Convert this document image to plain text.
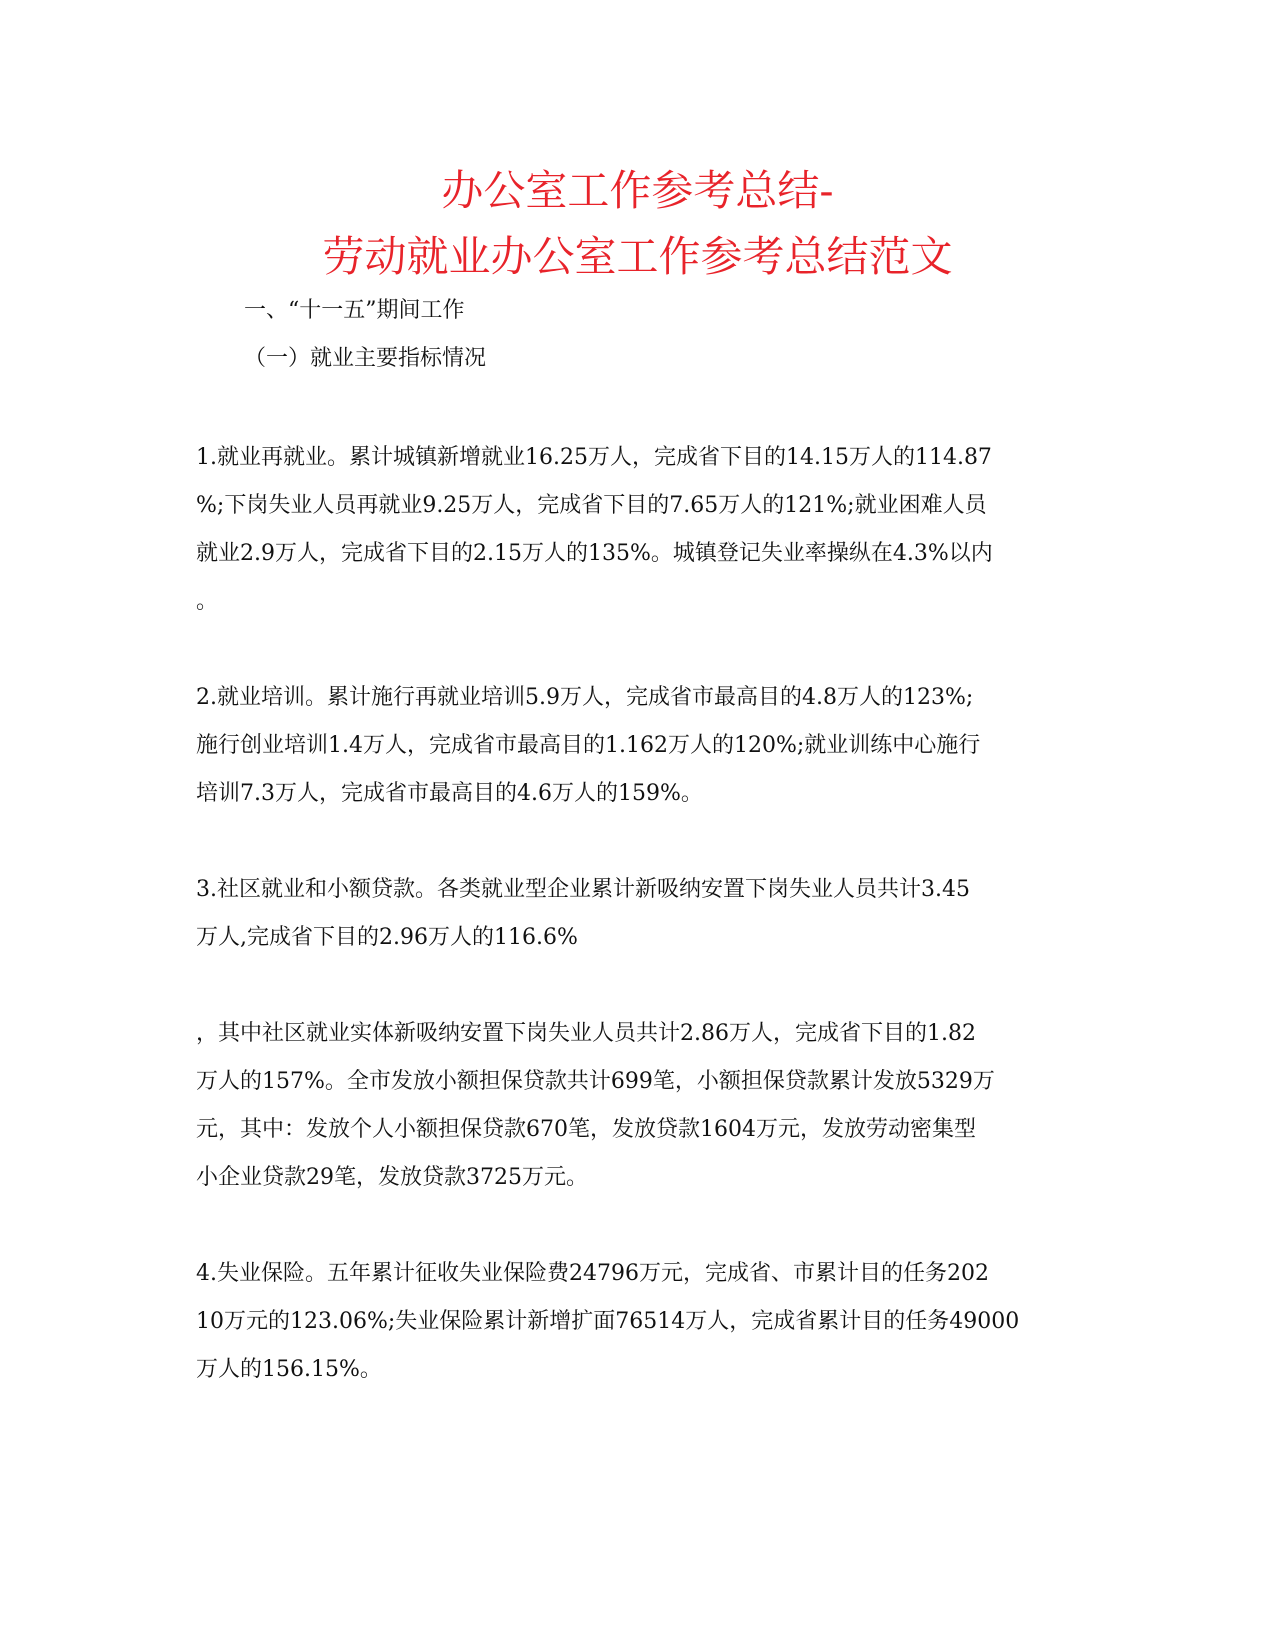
办公室工作参考总结-
劳动就业办公室工作参考总结范文
一、“十一五”期间工作
（一）就业主要指标情况
1.就业再就业。累计城镇新增就业16.25万人，完成省下目的14.15万人的114.87
%;下岗失业人员再就业9.25万人，完成省下目的7.65万人的121%;就业困难人员
就业2.9万人，完成省下目的2.15万人的135%。城镇登记失业率操纵在4.3%以内
。
2.就业培训。累计施行再就业培训5.9万人，完成省市最高目的4.8万人的123%;
施行创业培训1.4万人，完成省市最高目的1.162万人的120%;就业训练中心施行
培训7.3万人，完成省市最高目的4.6万人的159%。
3.社区就业和小额贷款。各类就业型企业累计新吸纳安置下岗失业人员共计3.45
万人,完成省下目的2.96万人的116.6%
，其中社区就业实体新吸纳安置下岗失业人员共计2.86万人，完成省下目的1.82
万人的157%。全市发放小额担保贷款共计699笔，小额担保贷款累计发放5329万
元，其中：发放个人小额担保贷款670笔，发放贷款1604万元，发放劳动密集型
小企业贷款29笔，发放贷款3725万元。
4.失业保险。五年累计征收失业保险费24796万元，完成省、市累计目的任务202
10万元的123.06%;失业保险累计新增扩面76514万人，完成省累计目的任务49000
万人的156.15%。
